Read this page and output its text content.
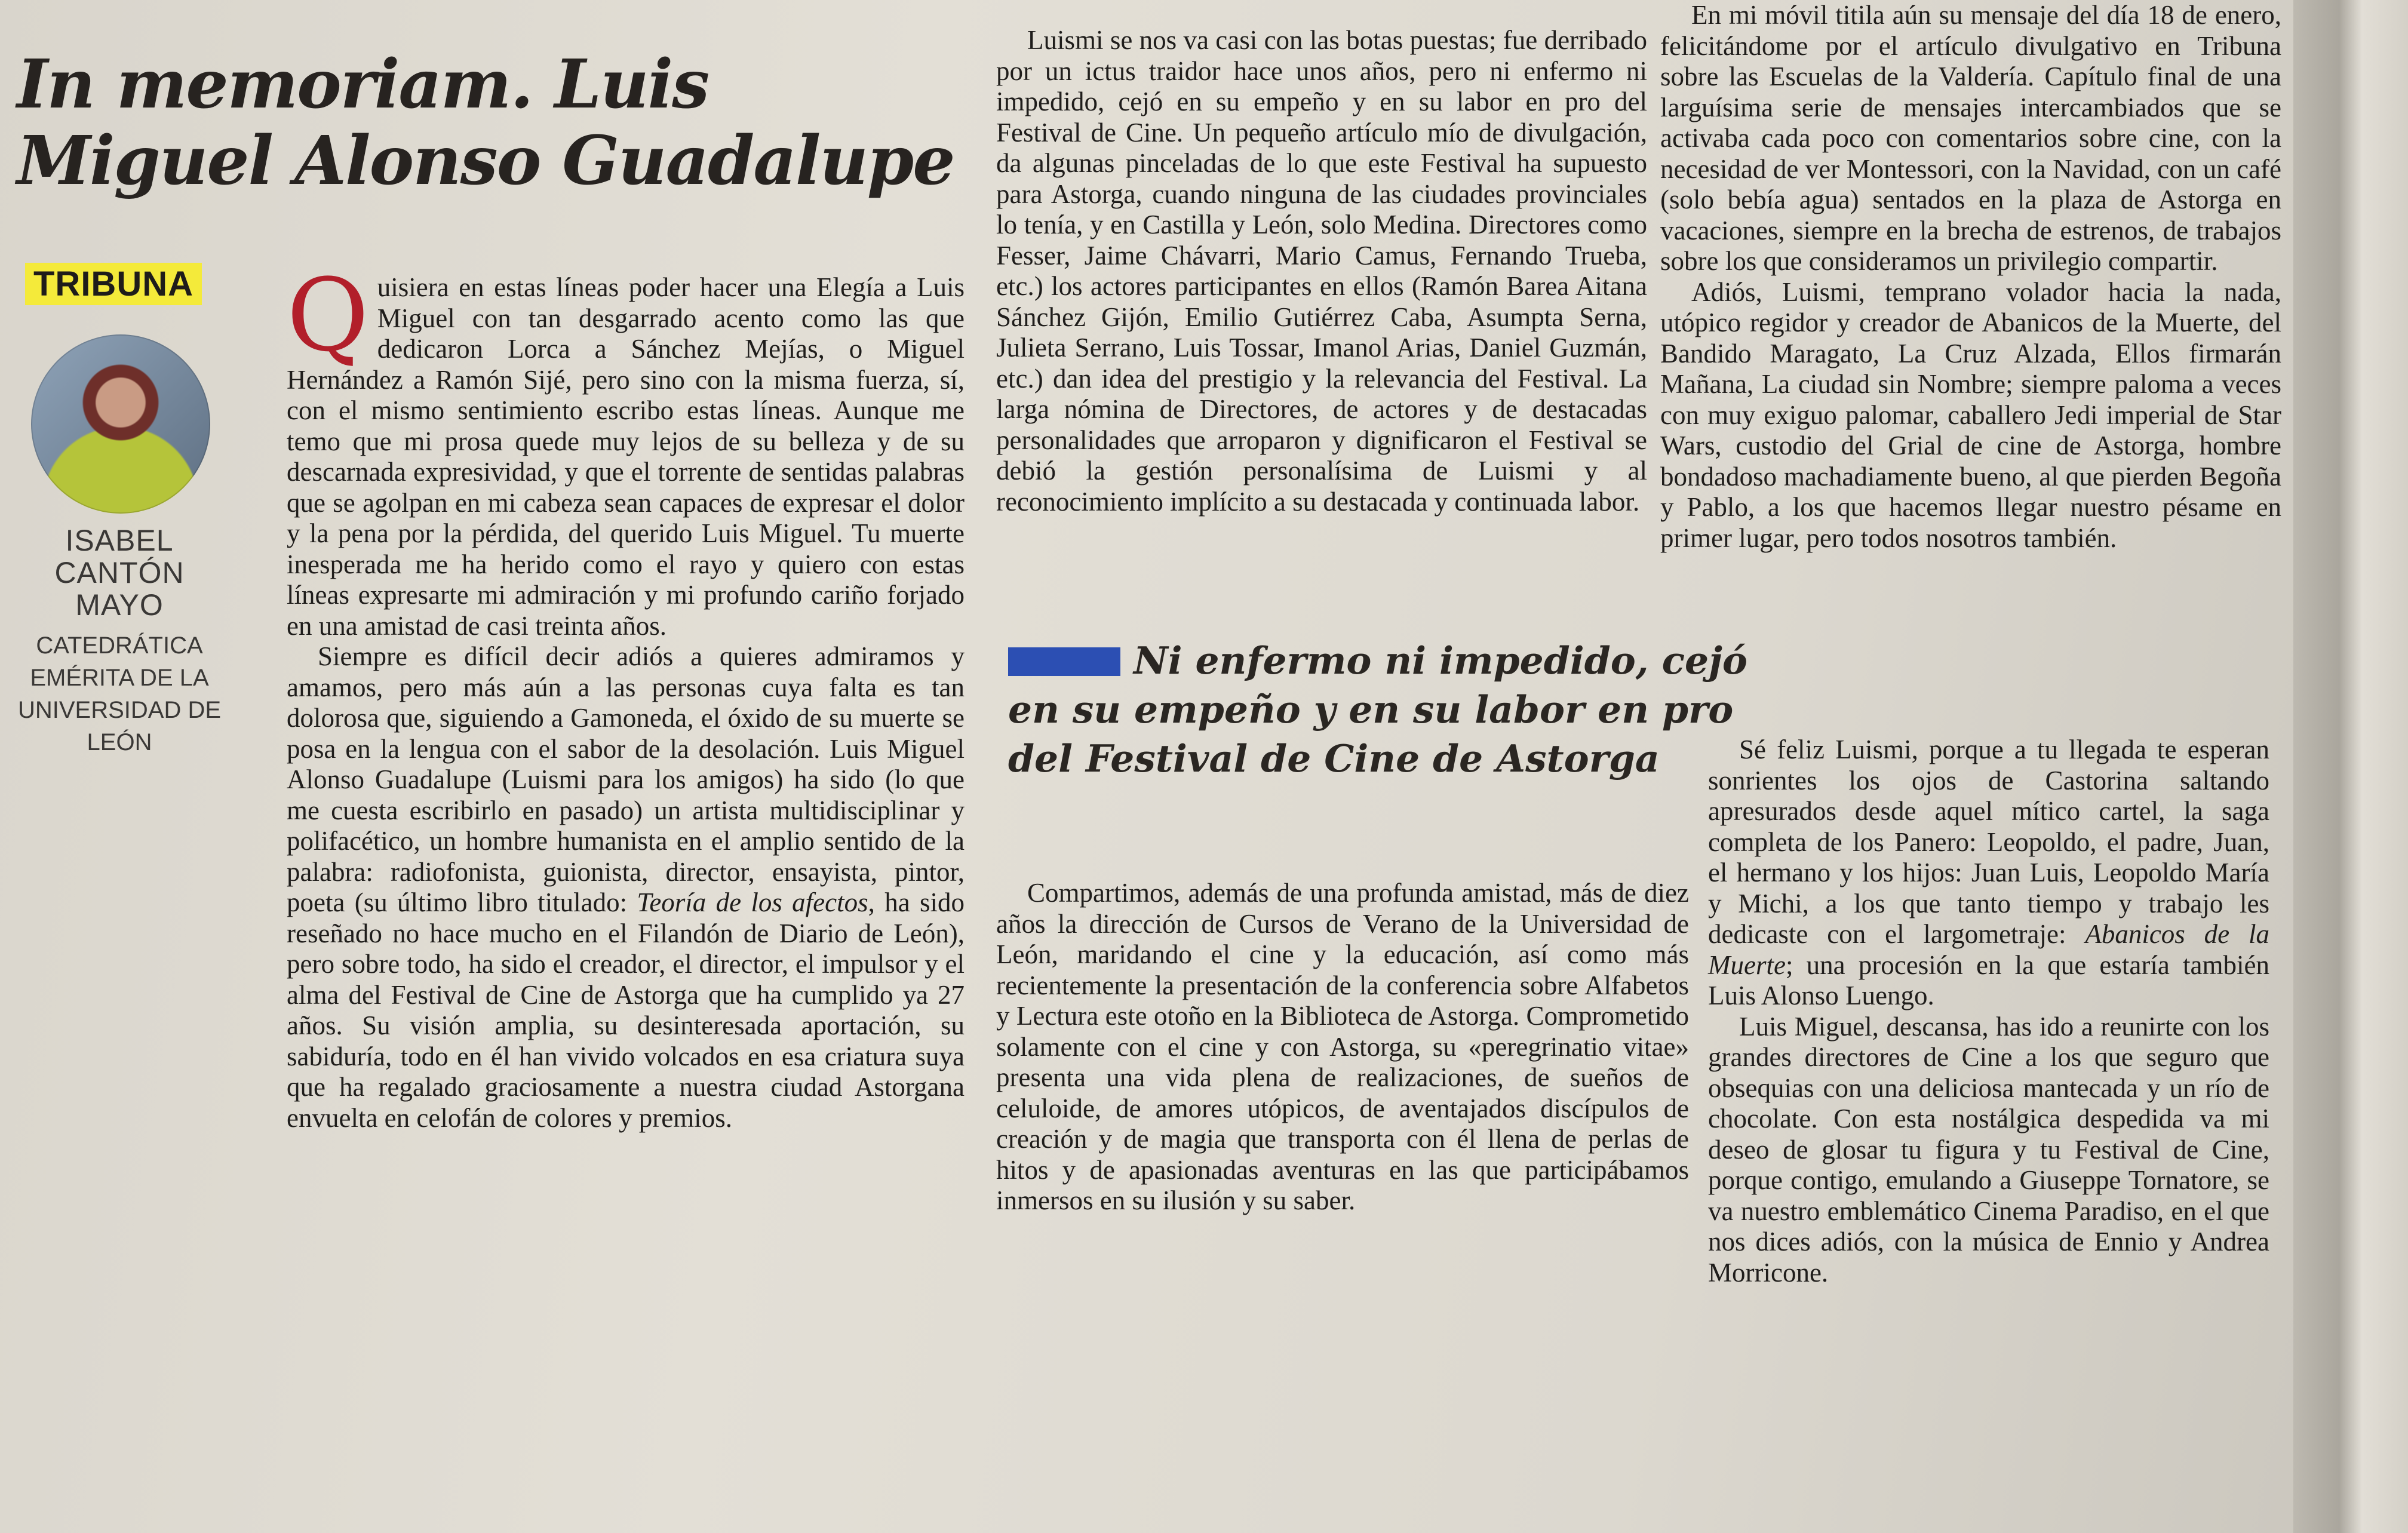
In memoriam. Luis Miguel Alonso Guadalupe
TRIBUNA
ISABEL CANTÓN MAYO
CATEDRÁTICA EMÉRITA DE LA UNIVERSIDAD DE LEÓN

Quisiera en estas líneas poder hacer una Elegía a Luis Miguel con tan desgarrado acento como las que dedicaron Lorca a Sánchez Mejías, o Miguel Hernández a Ramón Sijé, pero sino con la misma fuerza, sí, con el mismo sentimiento escribo estas líneas. Aunque me temo que mi prosa quede muy lejos de su belleza y de su descarnada expresividad, y que el torrente de sentidas palabras que se agolpan en mi cabeza sean capaces de expresar el dolor y la pena por la pérdida, del querido Luis Miguel. Tu muerte inesperada me ha herido como el rayo y quiero con estas líneas expresarte mi admiración y mi profundo cariño forjado en una amistad de casi treinta años.

Siempre es difícil decir adiós a quieres admiramos y amamos, pero más aún a las personas cuya falta es tan dolorosa que, siguiendo a Gamoneda, el óxido de su muerte se posa en la lengua con el sabor de la desolación. Luis Miguel Alonso Guadalupe (Luismi para los amigos) ha sido (lo que me cuesta escribirlo en pasado) un artista multidisciplinar y polifacético, un hombre humanista en el amplio sentido de la palabra: radiofonista, guionista, director, ensayista, pintor, poeta (su último libro titulado: Teoría de los afectos, ha sido reseñado no hace mucho en el Filandón de Diario de León), pero sobre todo, ha sido el creador, el director, el impulsor y el alma del Festival de Cine de Astorga que ha cumplido ya 27 años. Su visión amplia, su desinteresada aportación, su sabiduría, todo en él han vivido volcados en esa criatura suya que ha regalado graciosamente a nuestra ciudad Astorgana envuelta en celofán de colores y premios.

Luismi se nos va casi con las botas puestas; fue derribado por un ictus traidor hace unos años, pero ni enfermo ni impedido, cejó en su empeño y en su labor en pro del Festival de Cine. Un pequeño artículo mío de divulgación, da algunas pinceladas de lo que este Festival ha supuesto para Astorga, cuando ninguna de las ciudades provinciales lo tenía, y en Castilla y León, solo Medina. Directores como Fesser, Jaime Chávarri, Mario Camus, Fernando Trueba, etc.) los actores participantes en ellos (Ramón Barea Aitana Sánchez Gijón, Emilio Gutiérrez Caba, Asumpta Serna, Julieta Serrano, Luis Tossar, Imanol Arias, Daniel Guzmán, etc.) dan idea del prestigio y la relevancia del Festival. La larga nómina de Directores, de actores y de destacadas personalidades que arroparon y dignificaron el Festival se debió la gestión personalísima de Luismi y al reconocimiento implícito a su destacada y continuada labor.

Ni enfermo ni impedido, cejó en su empeño y en su labor en pro del Festival de Cine de Astorga

Compartimos, además de una profunda amistad, más de diez años la dirección de Cursos de Verano de la Universidad de León, maridando el cine y la educación, así como más recientemente la presentación de la conferencia sobre Alfabetos y Lectura este otoño en la Biblioteca de Astorga. Comprometido solamente con el cine y con Astorga, su «peregrinatio vitae» presenta una vida plena de realizaciones, de sueños de celuloide, de amores utópicos, de aventajados discípulos de creación y de magia que transporta con él llena de perlas de hitos y de apasionadas aventuras en las que participábamos inmersos en su ilusión y su saber.

En mi móvil titila aún su mensaje del día 18 de enero, felicitándome por el artículo divulgativo en Tribuna sobre las Escuelas de la Valdería. Capítulo final de una larguísima serie de mensajes intercambiados que se activaba cada poco con comentarios sobre cine, con la necesidad de ver Montessori, con la Navidad, con un café (solo bebía agua) sentados en la plaza de Astorga en vacaciones, siempre en la brecha de estrenos, de trabajos sobre los que consideramos un privilegio compartir.

Adiós, Luismi, temprano volador hacia la nada, utópico regidor y creador de Abanicos de la Muerte, del Bandido Maragato, La Cruz Alzada, Ellos firmarán Mañana, La ciudad sin Nombre; siempre paloma a veces con muy exiguo palomar, caballero Jedi imperial de Star Wars, custodio del Grial de cine de Astorga, hombre bondadoso machadiamente bueno, al que pierden Begoña y Pablo, a los que hacemos llegar nuestro pésame en primer lugar, pero todos nosotros también.

Sé feliz Luismi, porque a tu llegada te esperan sonrientes los ojos de Castorina saltando apresurados desde aquel mítico cartel, la saga completa de los Panero: Leopoldo, el padre, Juan, el hermano y los hijos: Juan Luis, Leopoldo María y Michi, a los que tanto tiempo y trabajo les dedicaste con el largometraje: Abanicos de la Muerte; una procesión en la que estaría también Luis Alonso Luengo.

Luis Miguel, descansa, has ido a reunirte con los grandes directores de Cine a los que seguro que obsequias con una deliciosa mantecada y un río de chocolate. Con esta nostálgica despedida va mi deseo de glosar tu figura y tu Festival de Cine, porque contigo, emulando a Giuseppe Tornatore, se va nuestro emblemático Cinema Paradiso, en el que nos dices adiós, con la música de Ennio y Andrea Morricone.
